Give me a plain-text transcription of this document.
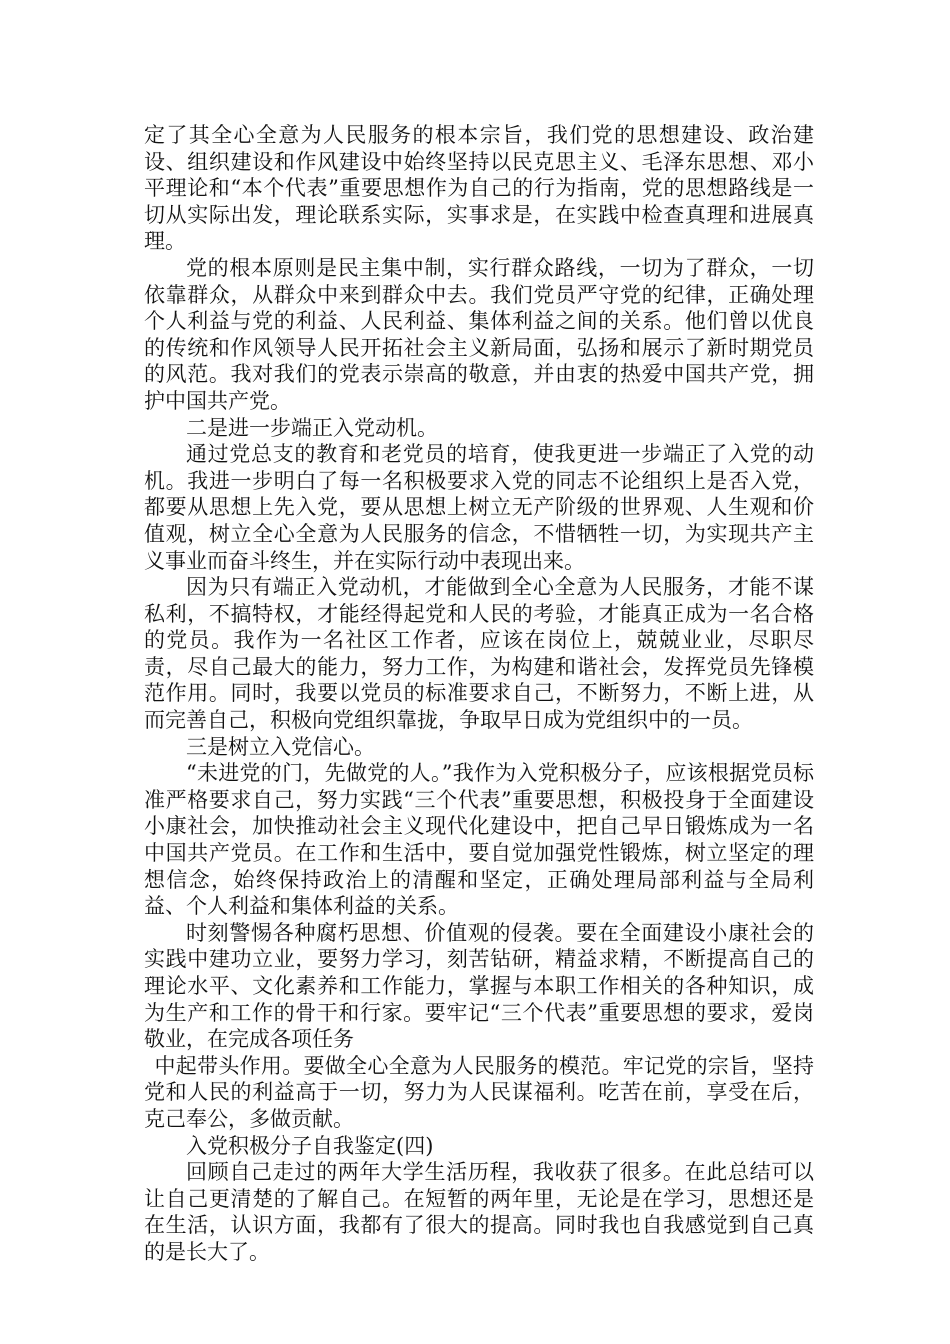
定了其全心全意为人民服务的根本宗旨，我们党的思想建设、政治建设、组织建设和作风建设中始终坚持以民克思主义、毛泽东思想、邓小平理论和“本个代表”重要思想作为自己的行为指南，党的思想路线是一切从实际出发，理论联系实际，实事求是，在实践中检查真理和进展真理。

党的根本原则是民主集中制，实行群众路线，一切为了群众，一切依靠群众，从群众中来到群众中去。我们党员严守党的纪律，正确处理个人利益与党的利益、人民利益、集体利益之间的关系。他们曾以优良的传统和作风领导人民开拓社会主义新局面，弘扬和展示了新时期党员的风范。我对我们的党表示崇高的敬意，并由衷的热爱中国共产党，拥护中国共产党。

二是进一步端正入党动机。

通过党总支的教育和老党员的培育，使我更进一步端正了入党的动机。我进一步明白了每一名积极要求入党的同志不论组织上是否入党，都要从思想上先入党，要从思想上树立无产阶级的世界观、人生观和价值观，树立全心全意为人民服务的信念，不惜牺牲一切，为实现共产主义事业而奋斗终生，并在实际行动中表现出来。

因为只有端正入党动机，才能做到全心全意为人民服务，才能不谋私利，不搞特权，才能经得起党和人民的考验，才能真正成为一名合格的党员。我作为一名社区工作者，应该在岗位上，兢兢业业，尽职尽责，尽自己最大的能力，努力工作，为构建和谐社会，发挥党员先锋模范作用。同时，我要以党员的标准要求自己，不断努力，不断上进，从而完善自己，积极向党组织靠拢，争取早日成为党组织中的一员。

三是树立入党信心。

“未进党的门，先做党的人。”我作为入党积极分子，应该根据党员标准严格要求自己，努力实践“三个代表”重要思想，积极投身于全面建设小康社会，加快推动社会主义现代化建设中，把自己早日锻炼成为一名中国共产党员。在工作和生活中，要自觉加强党性锻炼，树立坚定的理想信念，始终保持政治上的清醒和坚定，正确处理局部利益与全局利益、个人利益和集体利益的关系。

时刻警惕各种腐朽思想、价值观的侵袭。要在全面建设小康社会的实践中建功立业，要努力学习，刻苦钻研，精益求精，不断提高自己的理论水平、文化素养和工作能力，掌握与本职工作相关的各种知识，成为生产和工作的骨干和行家。要牢记“三个代表”重要思想的要求，爱岗敬业，在完成各项任务

中起带头作用。要做全心全意为人民服务的模范。牢记党的宗旨，坚持党和人民的利益高于一切，努力为人民谋福利。吃苦在前，享受在后，克己奉公，多做贡献。

入党积极分子自我鉴定(四)

回顾自己走过的两年大学生活历程，我收获了很多。在此总结可以让自己更清楚的了解自己。在短暂的两年里，无论是在学习，思想还是在生活，认识方面，我都有了很大的提高。同时我也自我感觉到自己真的是长大了。
